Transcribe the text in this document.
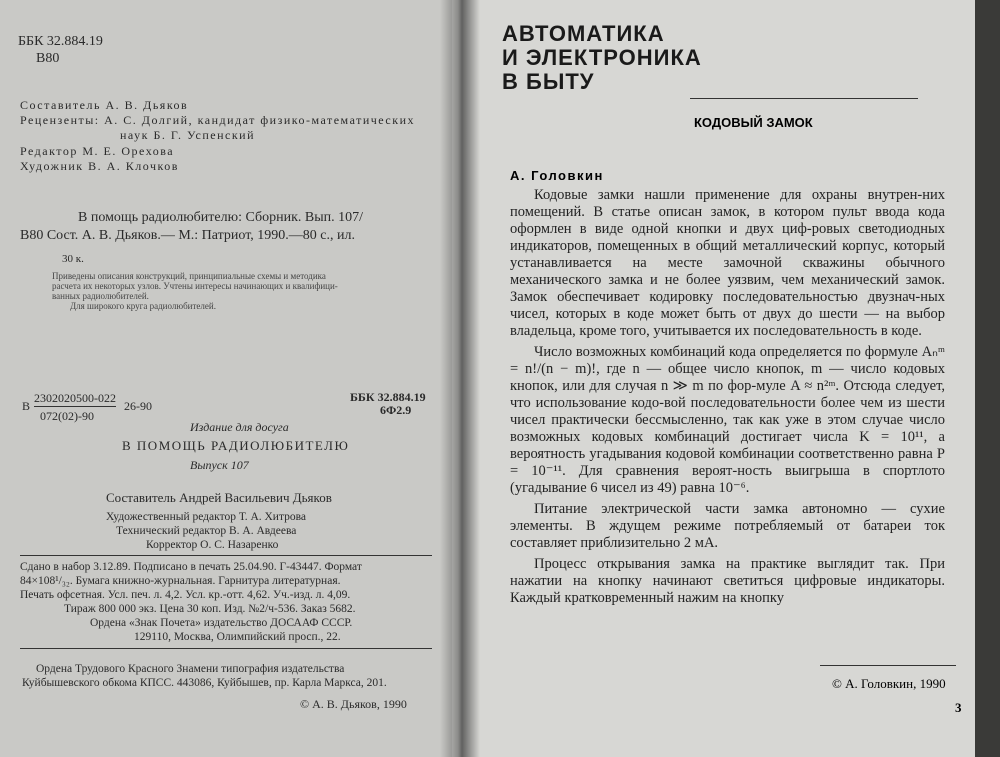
ББК 32.884.19
В80
Составитель А. В. Дьяков
Рецензенты: А. С. Долгий, кандидат физико-математических
наук Б. Г. Успенский
Редактор М. Е. Орехова
Художник В. А. Клочков
В помощь радиолюбителю: Сборник. Вып. 107/
В80 Сост. А. В. Дьяков.— М.: Патриот, 1990.—80 с., ил.
30 к.
Приведены описания конструкций, принципиальные схемы и методика
расчета их некоторых узлов. Учтены интересы начинающих и квалифици-
ванных радиолюбителей.
Для широкого круга радиолюбителей.
В
2302020500-022
072(02)-90
26-90
ББК 32.884.19
6Ф2.9
Издание для досуга
В ПОМОЩЬ РАДИОЛЮБИТЕЛЮ
Выпуск 107
Составитель Андрей Васильевич Дьяков
Художественный редактор Т. А. Хитрова
Технический редактор В. А. Авдеева
Корректор О. С. Назаренко
Сдано в набор 3.12.89. Подписано в печать 25.04.90. Г-43447. Формат
84×108¹/₃₂. Бумага книжно-журнальная. Гарнитура литературная.
Печать офсетная. Усл. печ. л. 4,2. Усл. кр.-отт. 4,62. Уч.-изд. л. 4,09.
Тираж 800 000 экз. Цена 30 коп. Изд. №2/ч-536. Заказ 5682.
Ордена «Знак Почета» издательство ДОСААФ СССР.
129110, Москва, Олимпийский просп., 22.
Ордена Трудового Красного Знамени типография издательства
Куйбышевского обкома КПСС. 443086, Куйбышев, пр. Карла Маркса, 201.
© А. В. Дьяков, 1990
АВТОМАТИКА
И ЭЛЕКТРОНИКА
В БЫТУ
КОДОВЫЙ ЗАМОК
А. Головкин

Кодовые замки нашли применение для охраны внутрен-них помещений. В статье описан замок, в котором пульт ввода кода оформлен в виде одной кнопки и двух циф-ровых светодиодных индикаторов, помещенных в общий металлический корпус, который устанавливается на месте замочной скважины обычного механического замка и не более уязвим, чем механический замок. Замок обеспечивает кодировку последовательностью двузнач-ных чисел, которых в коде может быть от двух до шести — на выбор владельца, кроме того, учитывается их последовательность в коде.

Число возможных комбинаций кода определяется по формуле Aₙᵐ = n!/(n − m)!, где n — общее число кнопок, m — число кодовых кнопок, или для случая n ≫ m по фор-муле A ≈ n²ᵐ. Отсюда следует, что использование кодо-вой последовательности более чем из шести чисел практически бессмысленно, так как уже в этом случае число возможных кодовых комбинаций достигает числа K = 10¹¹, а вероятность угадывания кодовой комбинации соответственно равна P = 10⁻¹¹. Для сравнения вероят-ность выигрыша в спортлото (угадывание 6 чисел из 49) равна 10⁻⁶.

Питание электрической части замка автономно — сухие элементы. В ждущем режиме потребляемый от батареи ток составляет приблизительно 2 мА.

Процесс открывания замка на практике выглядит так. При нажатии на кнопку начинают светиться цифровые индикаторы. Каждый кратковременный нажим на кнопку

© А. Головкин, 1990
3
